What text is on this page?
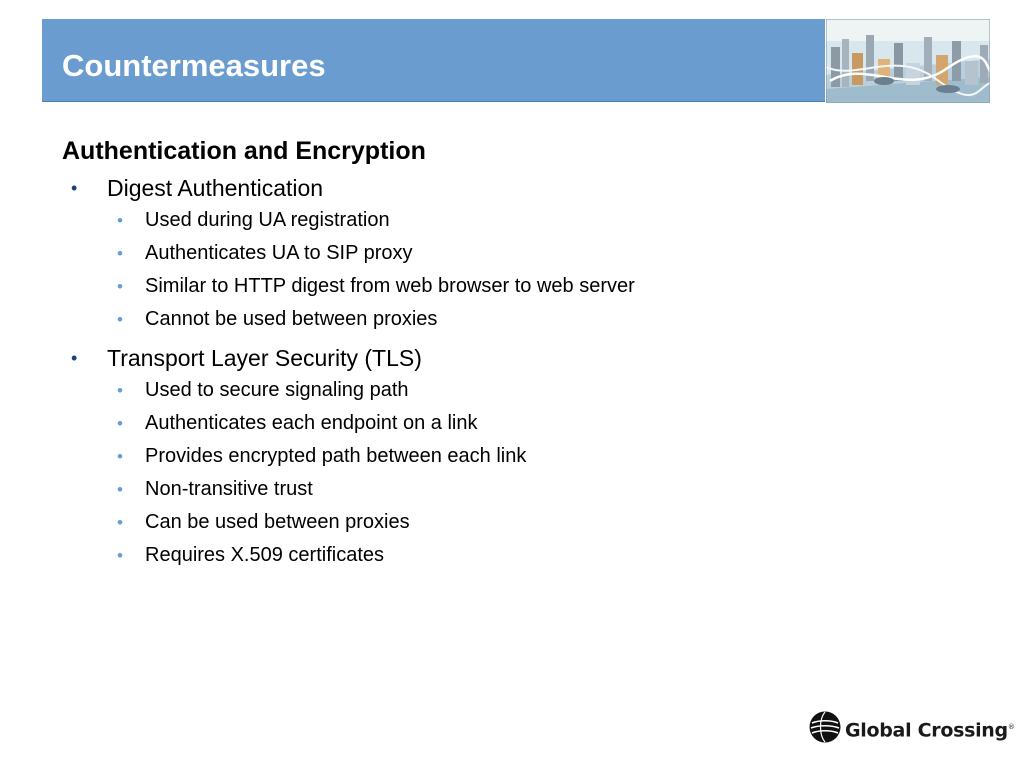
Countermeasures
Authentication and Encryption
• Digest Authentication
• Used during UA registration
• Authenticates UA to SIP proxy
• Similar to HTTP digest from web browser to web server
• Cannot be used between proxies
• Transport Layer Security (TLS)
• Used to secure signaling path
• Authenticates each endpoint on a link
• Provides encrypted path between each link
• Non-transitive trust
• Can be used between proxies
• Requires X.509 certificates
Global Crossing®
